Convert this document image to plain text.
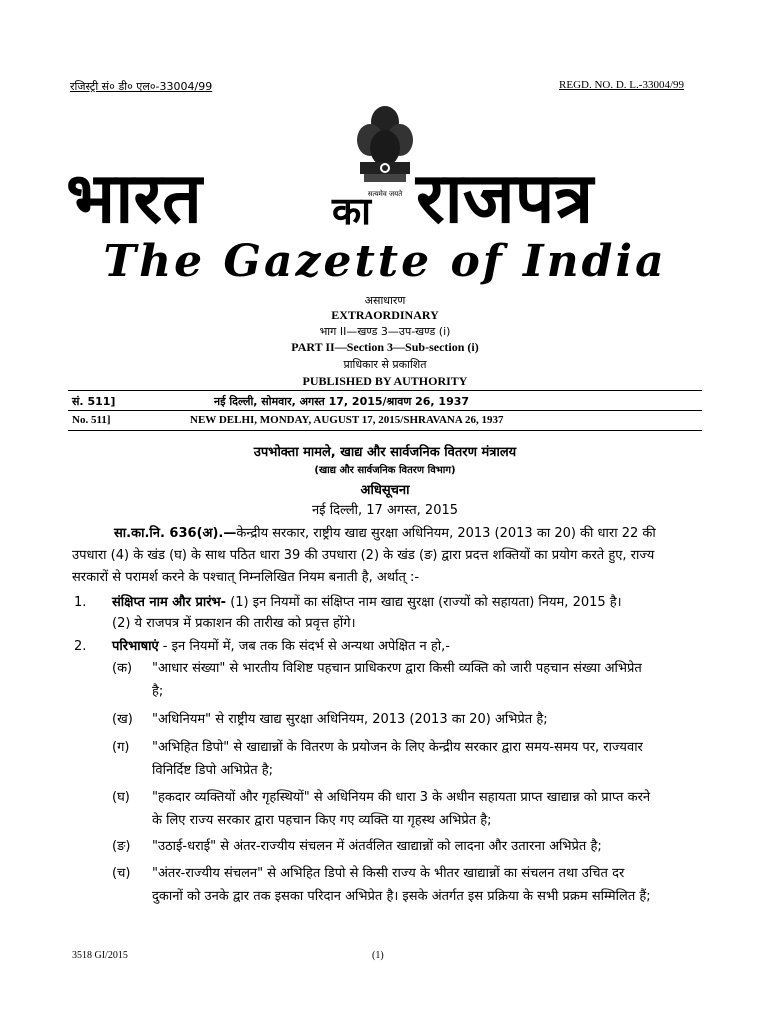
रजिस्ट्री सं० डी० एल०-33004/99	REGD. NO. D. L.-33004/99
सत्यमेव जयते
भारत	का राजपत्र
The Gazette of India
असाधारण
EXTRAORDINARY
भाग II—खण्ड 3—उप-खण्ड (i)
PART II—Section 3—Sub-section (i)
प्राधिकार से प्रकाशित
PUBLISHED BY AUTHORITY
सं. 511]	नई दिल्ली, सोमवार, अगस्त 17, 2015/श्रावण 26, 1937
No. 511]	NEW DELHI, MONDAY, AUGUST 17, 2015/SHRAVANA 26, 1937
उपभोक्ता मामले, खाद्य और सार्वजनिक वितरण मंत्रालय
(खाद्य और सार्वजनिक वितरण विभाग)
अधिसूचना
नई दिल्ली, 17 अगस्त, 2015
सा.का.नि. 636(अ).—केन्द्रीय सरकार, राष्ट्रीय खाद्य सुरक्षा अधिनियम, 2013 (2013 का 20) की धारा 22 की
उपधारा (4) के खंड (घ) के साथ पठित धारा 39 की उपधारा (2) के खंड (ङ) द्वारा प्रदत्त शक्तियों का प्रयोग करते हुए, राज्य
सरकारों से परामर्श करने के पश्चात् निम्नलिखित नियम बनाती है, अर्थात् :-
1. संक्षिप्त नाम और प्रारंभ- (1) इन नियमों का संक्षिप्त नाम खाद्य सुरक्षा (राज्यों को सहायता) नियम, 2015 है।
(2) ये राजपत्र में प्रकाशन की तारीख को प्रवृत्त होंगे।
2. परिभाषाएं - इन नियमों में, जब तक कि संदर्भ से अन्यथा अपेक्षित न हो,-
(क) "आधार संख्या" से भारतीय विशिष्ट पहचान प्राधिकरण द्वारा किसी व्यक्ति को जारी पहचान संख्या अभिप्रेत
है;
(ख) "अधिनियम" से राष्ट्रीय खाद्य सुरक्षा अधिनियम, 2013 (2013 का 20) अभिप्रेत है;
(ग) "अभिहित डिपो" से खाद्यान्नों के वितरण के प्रयोजन के लिए केन्द्रीय सरकार द्वारा समय-समय पर, राज्यवार
विनिर्दिष्ट डिपो अभिप्रेत है;
(घ) "हकदार व्यक्तियों और गृहस्थियों" से अधिनियम की धारा 3 के अधीन सहायता प्राप्त खाद्यान्न को प्राप्त करने
के लिए राज्य सरकार द्वारा पहचान किए गए व्यक्ति या गृहस्थ अभिप्रेत है;
(ङ) "उठाई-धराई" से अंतर-राज्यीय संचलन में अंतर्वलित खाद्यान्नों को लादना और उतारना अभिप्रेत है;
(च) "अंतर-राज्यीय संचलन" से अभिहित डिपो से किसी राज्य के भीतर खाद्यान्नों का संचलन तथा उचित दर
दुकानों को उनके द्वार तक इसका परिदान अभिप्रेत है। इसके अंतर्गत इस प्रक्रिया के सभी प्रक्रम सम्मिलित हैं;
3518 GI/2015	(1)
